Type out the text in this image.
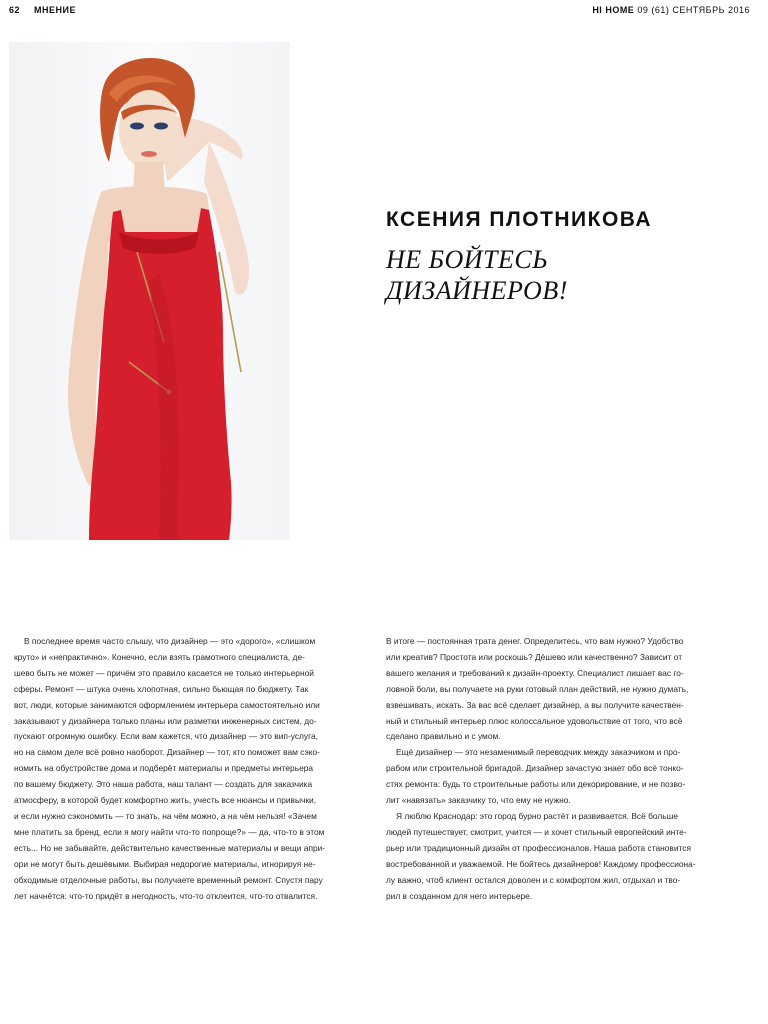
62 МНЕНИЕ	HI HOME 09 (61) СЕНТЯБРЬ 2016
КСЕНИЯ ПЛОТНИКОВА
НЕ БОЙТЕСЬ
ДИЗАЙНЕРОВ!
В последнее время часто слышу, что дизайнер — это «дорого», «слишком
круто» и «непрактично». Конечно, если взять грамотного специалиста, де-
шево быть не может — причём это правило касается не только интерьерной
сферы. Ремонт — штука очень хлопотная, сильно бьющая по бюджету. Так
вот, люди, которые занимаются оформлением интерьера самостоятельно или
заказывают у дизайнера только планы или разметки инженерных систем, до-
пускают огромную ошибку. Если вам кажется, что дизайнер — это вип-услуга,
но на самом деле всё ровно наоборот. Дизайнер — тот, кто поможет вам сэко-
номить на обустройстве дома и подберёт материалы и предметы интерьера
по вашему бюджету. Это наша работа, наш талант — создать для заказчика
атмосферу, в которой будет комфортно жить, учесть все нюансы и привычки,
и если нужно сэкономить — то знать, на чём можно, а на чём нельзя! «Зачем
мне платить за бренд, если я могу найти что-то попроще?» — да, что-то в этом
есть... Но не забывайте, действительно качественные материалы и вещи апри-
ори не могут быть дешёвыми. Выбирая недорогие материалы, игнорируя не-
обходимые отделочные работы, вы получаете временный ремонт. Спустя пару
лет начнётся: что-то придёт в негодность, что-то отклеится, что-то отвалится.
В итоге — постоянная трата денег. Определитесь, что вам нужно? Удобство
или креатив? Простота или роскошь? Дёшево или качественно? Зависит от
вашего желания и требований к дизайн-проекту. Специалист лишает вас го-
ловной боли, вы получаете на руки готовый план действий, не нужно думать,
взвешивать, искать. За вас всё сделает дизайнер, а вы получите качествен-
ный и стильный интерьер плюс колоссальное удовольствие от того, что всё
сделано правильно и с умом.
Ещё дизайнер — это незаменимый переводчик между заказчиком и про-
рабом или строительной бригадой. Дизайнер зачастую знает обо всё тонко-
стях ремонта: будь то строительные работы или декорирование, и не позво-
лит «навязать» заказчику то, что ему не нужно.
Я люблю Краснодар: это город бурно растёт и развивается. Всё больше
людей путешествует, смотрит, учится — и хочет стильный европейский инте-
рьер или традиционный дизайн от профессионалов. Наша работа становится
востребованной и уважаемой. Не бойтесь дизайнеров! Каждому профессиона-
лу важно, чтоб клиент остался доволен и с комфортом жил, отдыхал и тво-
рил в созданном для него интерьере.
